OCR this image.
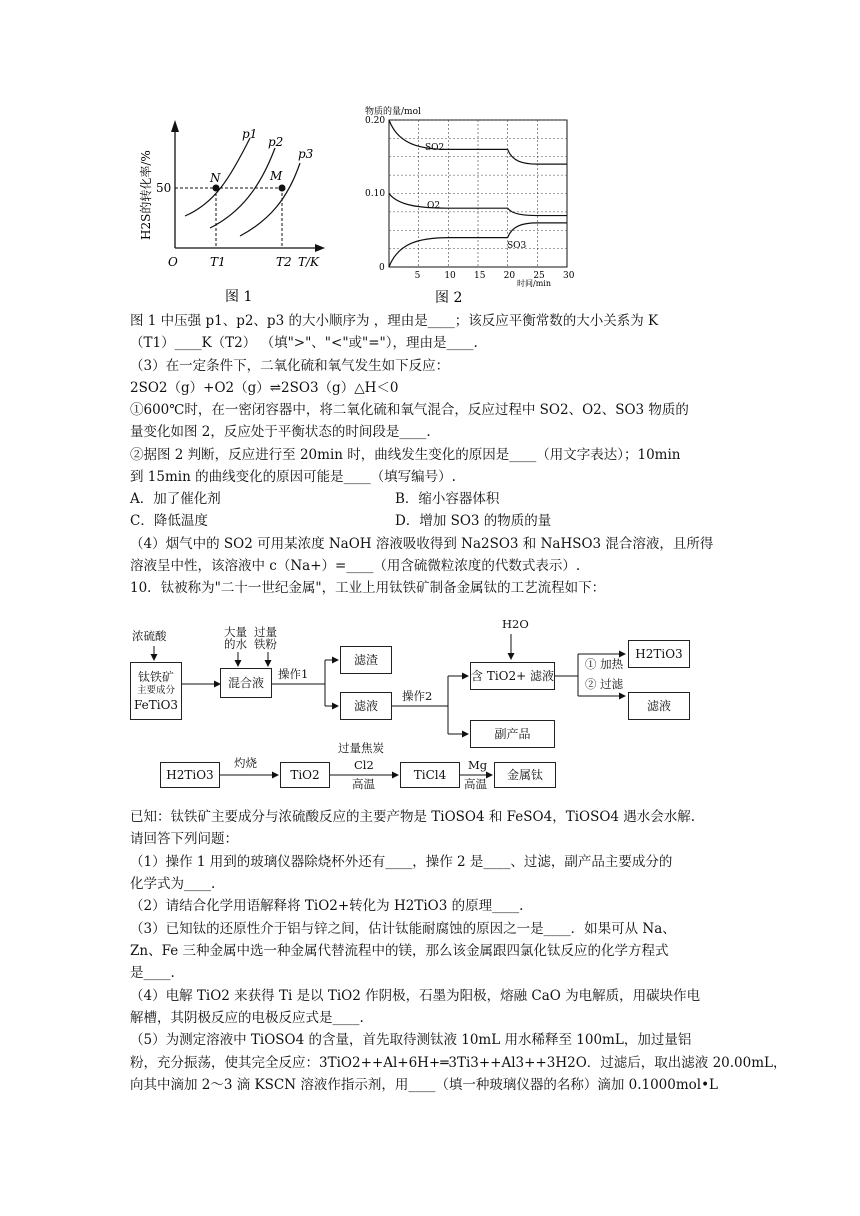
N	M
p1
p2
p3
50
O	T1	T2 T/K
H2S的转化率/%
图 1
物质的量/mol
0.20
0.10
0
5	10 15 20 25 30
时间/min
SO2
O2
SO3
图 2
图 1 中压强 p1、p2、p3 的大小顺序为 ，理由是____；该反应平衡常数的大小关系为 K
（T1）____K（T2） （填">"、"<"或"="），理由是____.
（3）在一定条件下，二氧化硫和氧气发生如下反应：
2SO2（g）+O2（g）⇌2SO3（g）△H＜0
①600℃时，在一密闭容器中，将二氧化硫和氧气混合，反应过程中 SO2、O2、SO3 物质的
量变化如图 2，反应处于平衡状态的时间段是____.
②据图 2 判断，反应进行至 20min 时，曲线发生变化的原因是____（用文字表达）；10min
到 15min 的曲线变化的原因可能是____（填写编号）.
A．加了催化剂	B．缩小容器体积
C．降低温度	D．增加 SO3 的物质的量
（4）烟气中的 SO2 可用某浓度 NaOH 溶液吸收得到 Na2SO3 和 NaHSO3 混合溶液，且所得
溶液呈中性，该溶液中 c（Na+）=____（用含硫微粒浓度的代数式表示）.
10．钛被称为"二十一世纪金属"，工业上用钛铁矿制备金属钛的工艺流程如下：
浓硫酸
钛铁矿
主要成分
FeTiO3
大量
的水
过量
铁粉
混合液
操作1
滤渣
滤液
操作2
H2O
含 TiO2+ 滤液
副产品
① 加热
② 过滤
H2TiO3
滤液
H2TiO3
灼烧
TiO2
过量焦炭
Cl2
高温
TiCl4
Mg
高温
金属钛
已知：钛铁矿主要成分与浓硫酸反应的主要产物是 TiOSO4 和 FeSO4，TiOSO4 遇水会水解.
请回答下列问题：
（1）操作 1 用到的玻璃仪器除烧杯外还有____，操作 2 是____、过滤，副产品主要成分的
化学式为____.
（2）请结合化学用语解释将 TiO2+转化为 H2TiO3 的原理____.
（3）已知钛的还原性介于铝与锌之间，估计钛能耐腐蚀的原因之一是____．如果可从 Na、
Zn、Fe 三种金属中选一种金属代替流程中的镁，那么该金属跟四氯化钛反应的化学方程式
是____.
（4）电解 TiO2 来获得 Ti 是以 TiO2 作阴极，石墨为阳极，熔融 CaO 为电解质，用碳块作电
解槽，其阴极反应的电极反应式是____.
（5）为测定溶液中 TiOSO4 的含量，首先取待测钛液 10mL 用水稀释至 100mL，加过量铝
粉，充分振荡，使其完全反应：3TiO2++Al+6H+═3Ti3++Al3++3H2O．过滤后，取出滤液 20.00mL，
向其中滴加 2～3 滴 KSCN 溶液作指示剂，用____（填一种玻璃仪器的名称）滴加 0.1000mol•L
